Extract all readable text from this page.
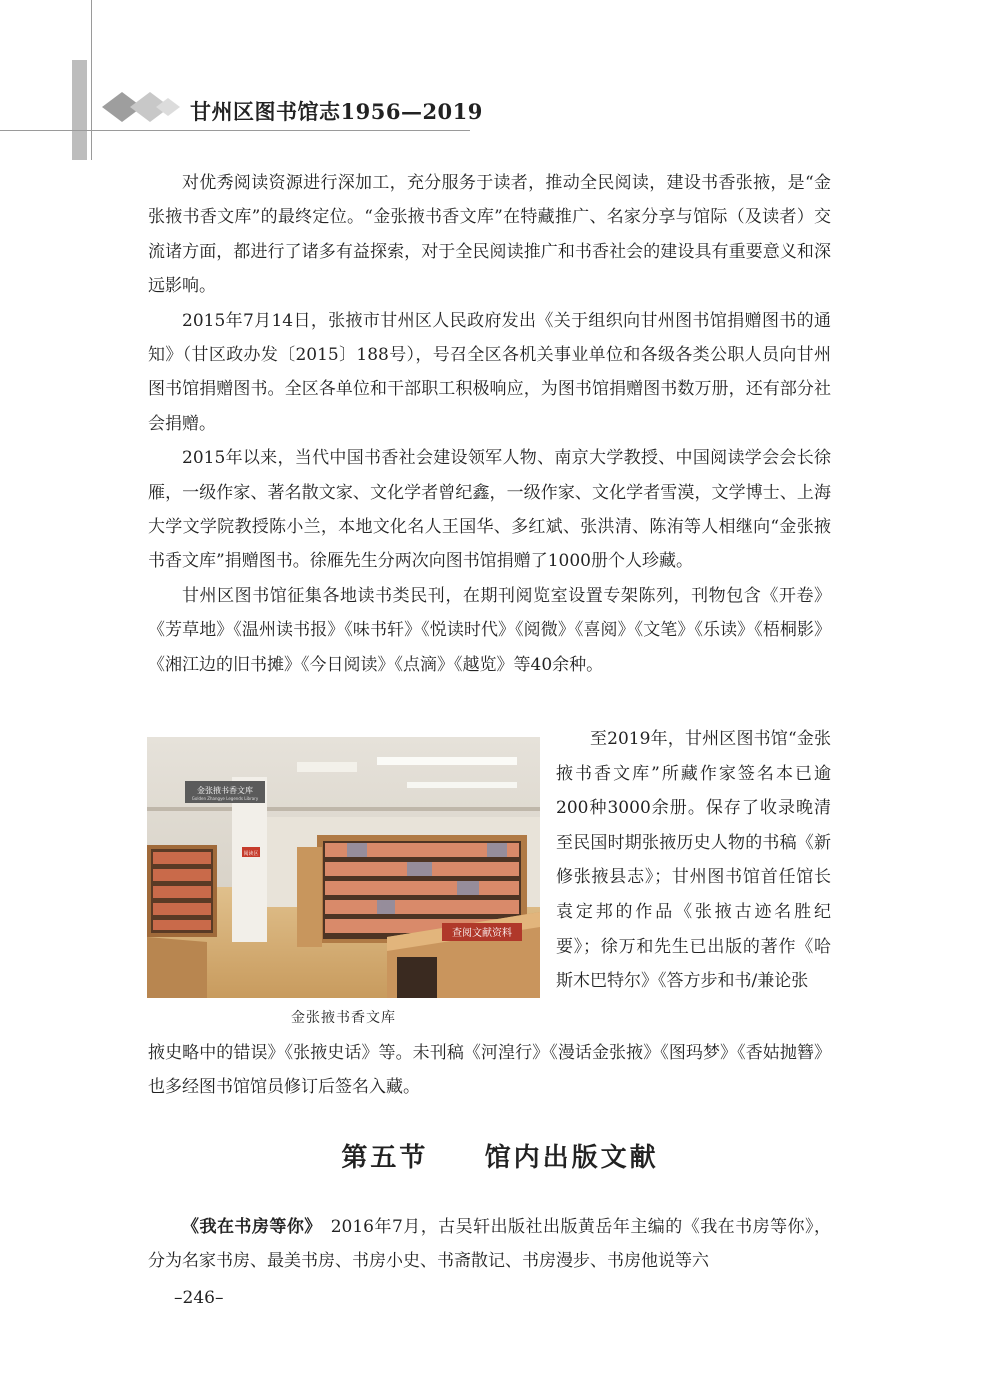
甘州区图书馆志1956—2019

对优秀阅读资源进行深加工，充分服务于读者，推动全民阅读，建设书香张掖，是“金张掖书香文库”的最终定位。“金张掖书香文库”在特藏推广、名家分享与馆际（及读者）交流诸方面，都进行了诸多有益探索，对于全民阅读推广和书香社会的建设具有重要意义和深远影响。

2015年7月14日，张掖市甘州区人民政府发出《关于组织向甘州图书馆捐赠图书的通知》（甘区政办发〔2015〕188号），号召全区各机关事业单位和各级各类公职人员向甘州图书馆捐赠图书。全区各单位和干部职工积极响应，为图书馆捐赠图书数万册，还有部分社会捐赠。

2015年以来，当代中国书香社会建设领军人物、南京大学教授、中国阅读学会会长徐雁，一级作家、著名散文家、文化学者曾纪鑫，一级作家、文化学者雪漠，文学博士、上海大学文学院教授陈小兰，本地文化名人王国华、多红斌、张洪清、陈洧等人相继向“金张掖书香文库”捐赠图书。徐雁先生分两次向图书馆捐赠了1000册个人珍藏。

甘州区图书馆征集各地读书类民刊，在期刊阅览室设置专架陈列，刊物包含《开卷》《芳草地》《温州读书报》《味书轩》《悦读时代》《阅微》《喜阅》《文笔》《乐读》《梧桐影》《湘江边的旧书摊》《今日阅读》《点滴》《越览》等40余种。

金张掖书香文库
Golden Zhangye Legends Library
阅读区
查阅文献资料
金张掖书香文库

至2019年，甘州区图书馆“金张掖书香文库”所藏作家签名本已逾200种3000余册。保存了收录晚清至民国时期张掖历史人物的书稿《新修张掖县志》；甘州图书馆首任馆长袁定邦的作品《张掖古迹名胜纪要》；徐万和先生已出版的著作《哈斯木巴特尔》《答方步和书/兼论张

掖史略中的错误》《张掖史话》等。未刊稿《河湟行》《漫话金张掖》《图玛梦》《香姑抛簪》也多经图书馆馆员修订后签名入藏。

第五节 馆内出版文献

《我在书房等你》　2016年7月，古吴轩出版社出版黄岳年主编的《我在书房等你》，分为名家书房、最美书房、书房小史、书斋散记、书房漫步、书房他说等六

–246–
